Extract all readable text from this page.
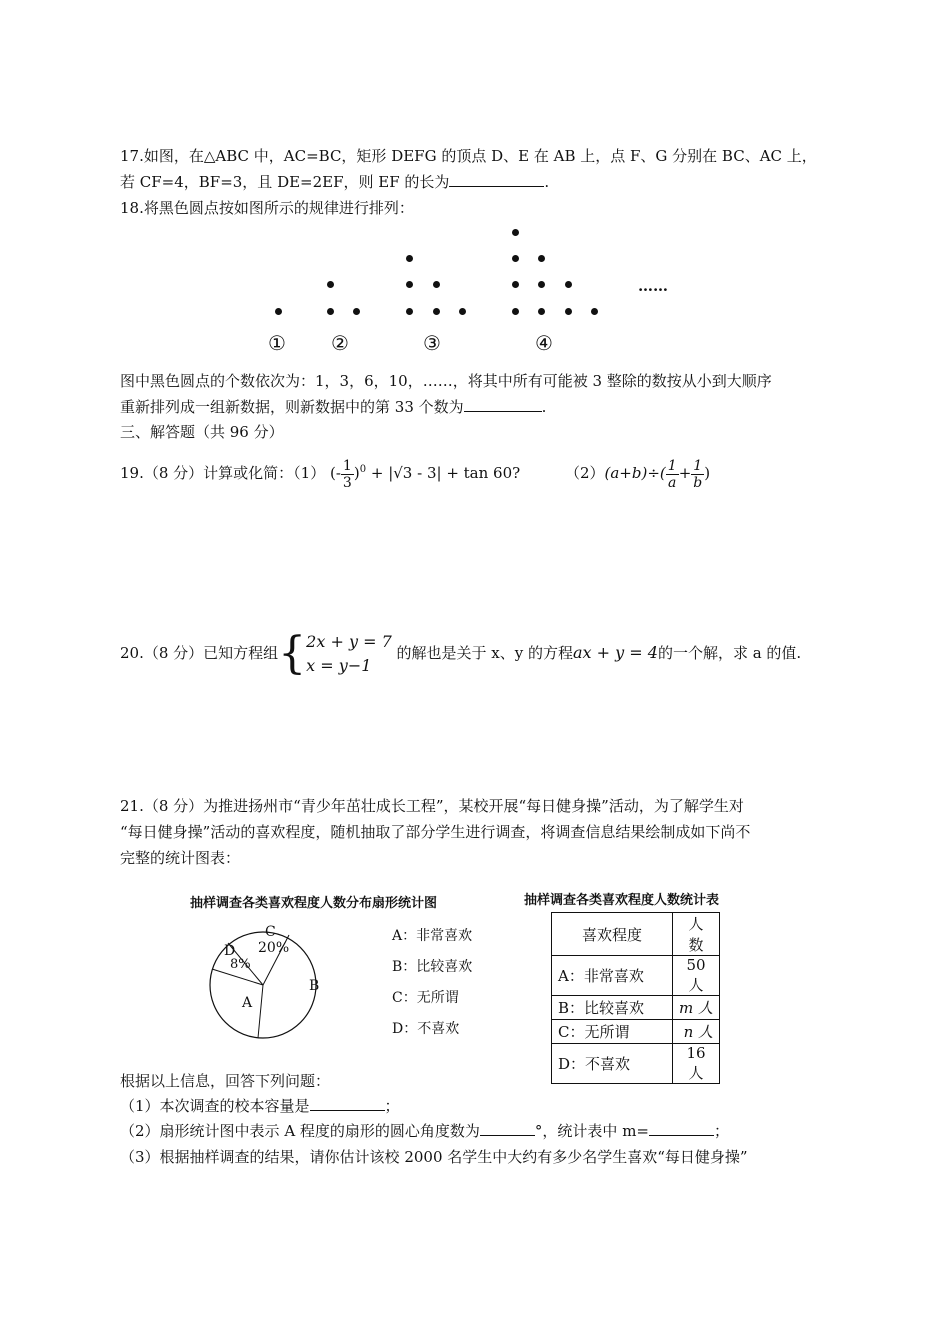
17.如图，在△ABC 中，AC=BC，矩形 DEFG 的顶点 D、E 在 AB 上，点 F、G 分别在 BC、AC 上，
若 CF=4，BF=3，且 DE=2EF，则 EF 的长为	.
18.将黑色圆点按如图所示的规律进行排列：
……
① ②	③	④
图中黑色圆点的个数依次为：1，3，6，10，……，将其中所有可能被 3 整除的数按从小到大顺序
重新排列成一组新数据，则新数据中的第 33 个数为	.
三、解答题（共 96 分）
19.（8 分）计算或化简：（1） (- $\frac{1}{3} )^0 + |√3 - 3| + \tan 60$?	$(2)(a+b)\div( \frac{1}{a} + \frac{1}{b}$ )
20.（8 分）已知方程组{ 2x + y = 7
x = y−1
的解也是关于 x、y 的方程ax + y = 4的一个解，求 a 的值.
21.（8 分）为推进扬州市“青少年茁壮成长工程”，某校开展“每日健身操”活动，为了解学生对
“每日健身操”活动的喜欢程度，随机抽取了部分学生进行调查，将调查信息结果绘制成如下尚不
完整的统计图表：
抽样调查各类喜欢程度人数分布扇形统计图
C
20%
D
8%
B
A
A：非常喜欢
B：比较喜欢
C：无所谓
D：不喜欢
抽样调查各类喜欢程度人数统计表
喜欢程度	人 数
A：非常喜欢	50人
B：比较喜欢	m 人
C：无所谓	n 人
D：不喜欢	16人
根据以上信息，回答下列问题：
（1）本次调查的校本容量是	；
（2）扇形统计图中表示 A 程度的扇形的圆心角度数为	°，统计表中 m=	；
（3）根据抽样调查的结果，请你估计该校 2000 名学生中大约有多少名学生喜欢“每日健身操”
